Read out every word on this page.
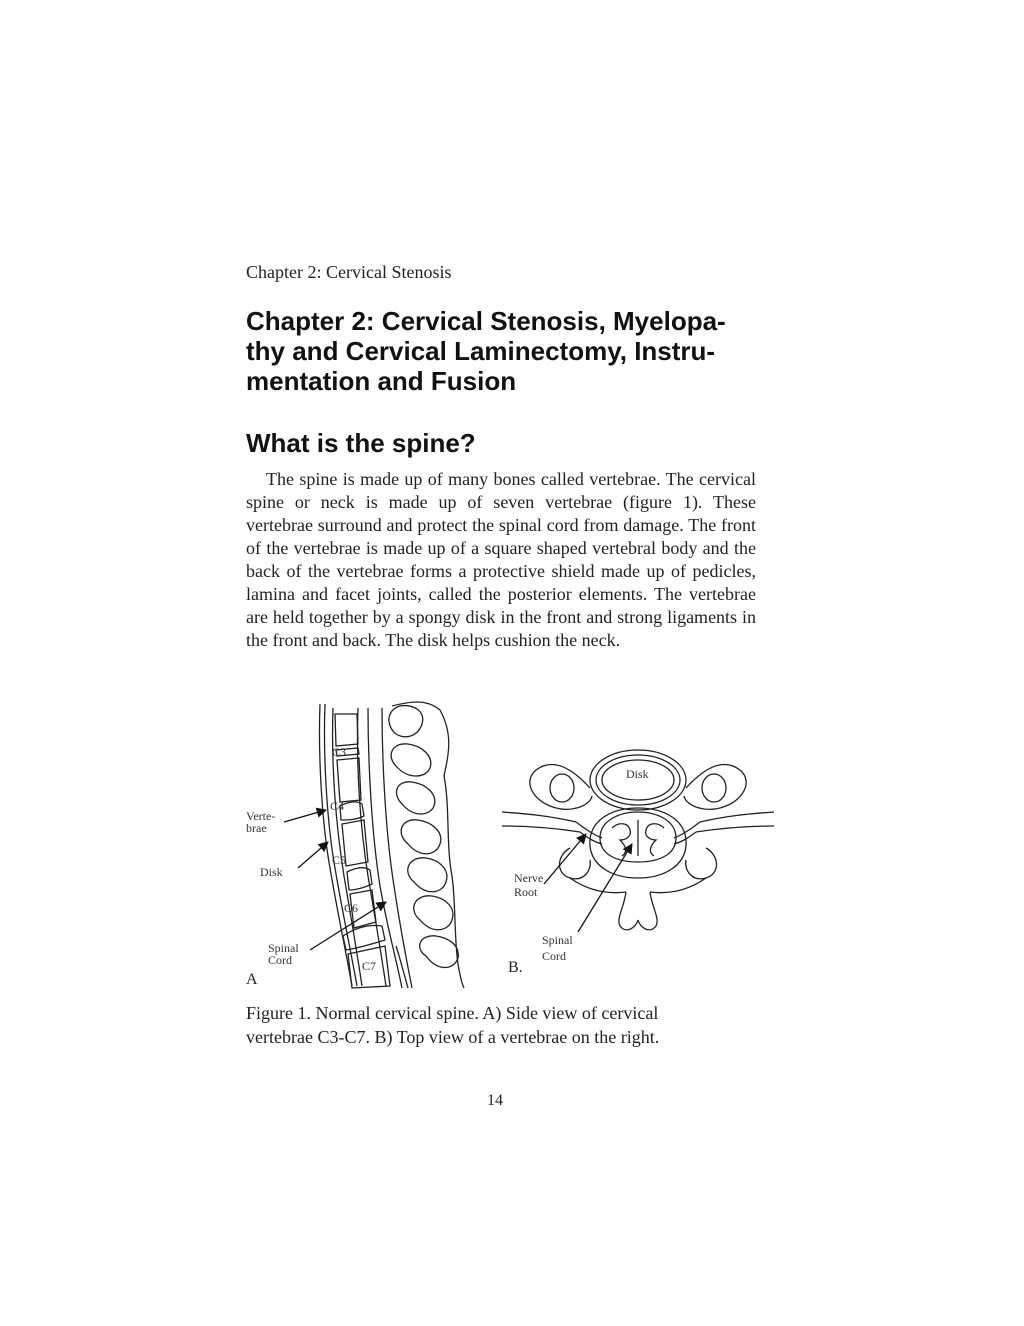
Chapter 2: Cervical Stenosis
Chapter 2: Cervical Stenosis, Myelopa-
thy and Cervical Laminectomy, Instru-
mentation and Fusion
What is the spine?

The spine is made up of many bones called vertebrae. The cervical spine or neck is made up of seven vertebrae (figure 1). These vertebrae surround and protect the spinal cord from damage. The front of the vertebrae is made up of a square shaped vertebral body and the back of the vertebrae forms a protective shield made up of pedicles, lamina and facet joints, called the posterior elements. The vertebrae are held together by a spongy disk in the front and strong ligaments in the front and back. The disk helps cushion the neck.

C3
C4
C5
C6
C7
Verte-
brae
Disk
Spinal
Cord
A
Disk
Nerve
Root
Spinal
Cord
B.

Figure 1. Normal cervical spine. A) Side view of cervical
vertebrae C3-C7. B) Top view of a vertebrae on the right.

14
